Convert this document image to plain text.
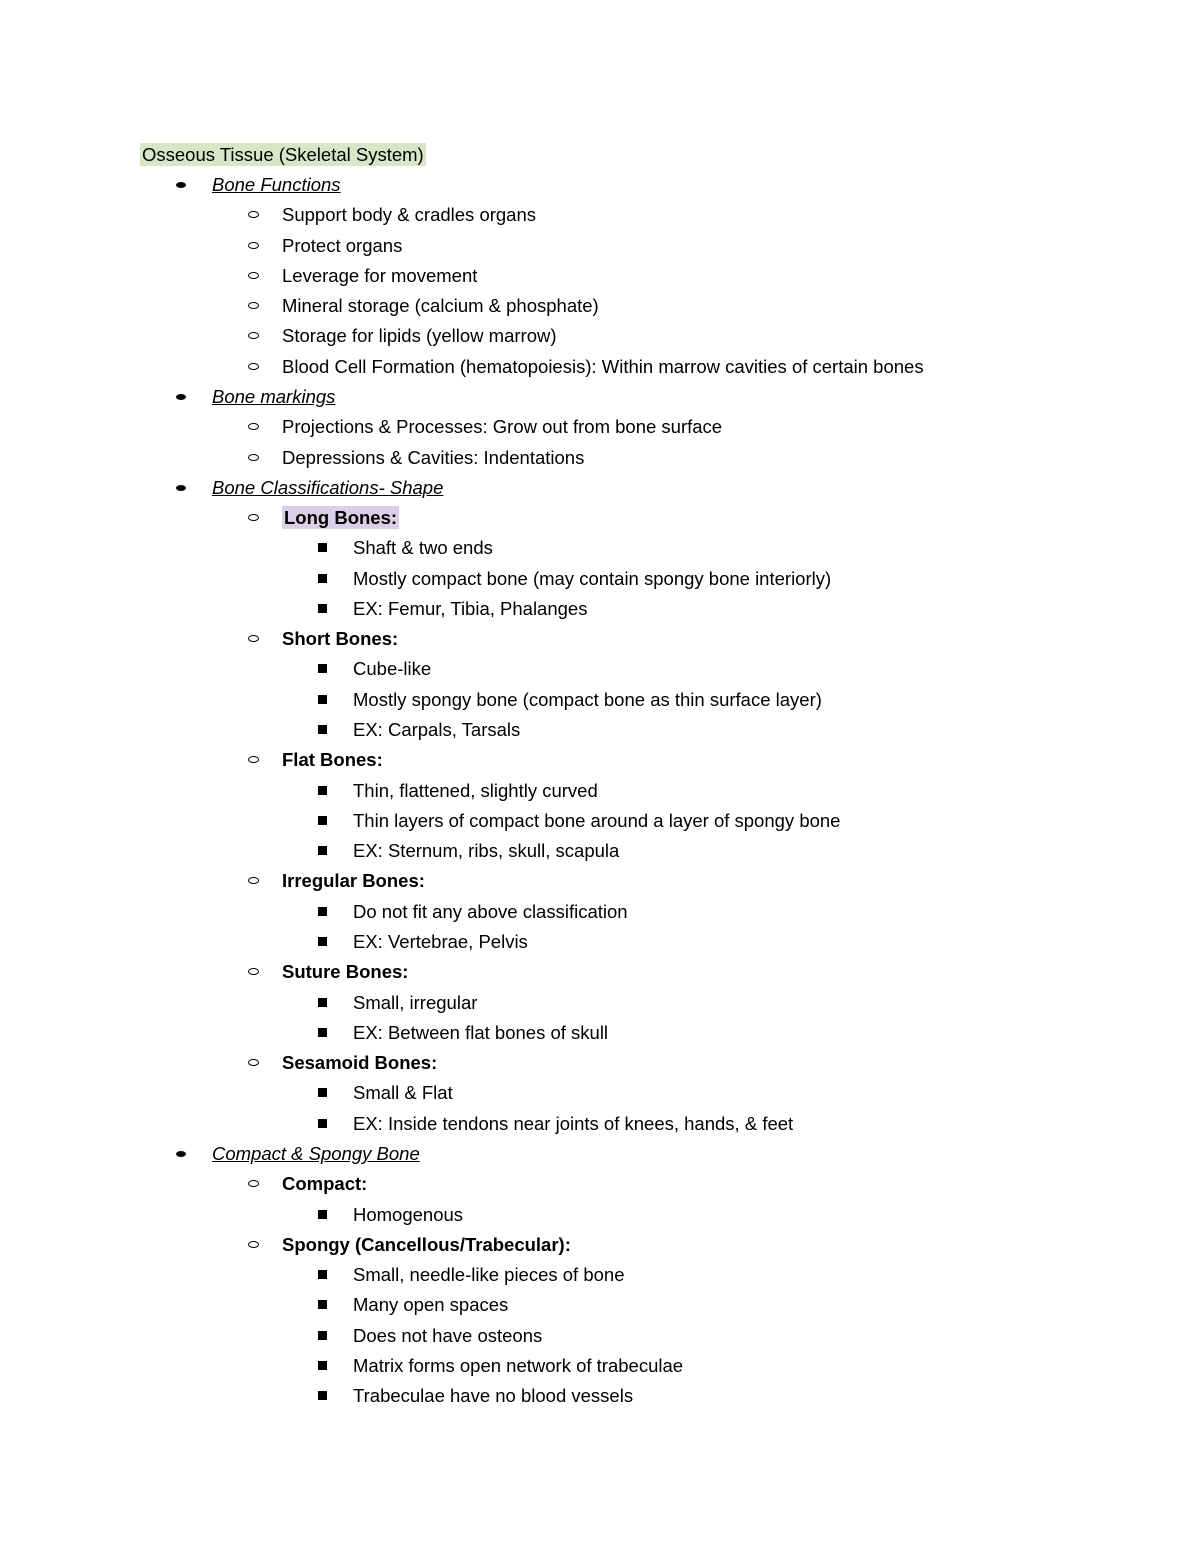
Osseous Tissue (Skeletal System)
Bone Functions
Support body & cradles organs
Protect organs
Leverage for movement
Mineral storage (calcium & phosphate)
Storage for lipids (yellow marrow)
Blood Cell Formation (hematopoiesis): Within marrow cavities of certain bones
Bone markings
Projections & Processes: Grow out from bone surface
Depressions & Cavities: Indentations
Bone Classifications- Shape
Long Bones:
Shaft & two ends
Mostly compact bone (may contain spongy bone interiorly)
EX: Femur, Tibia, Phalanges
Short Bones:
Cube-like
Mostly spongy bone (compact bone as thin surface layer)
EX: Carpals, Tarsals
Flat Bones:
Thin, flattened, slightly curved
Thin layers of compact bone around a layer of spongy bone
EX: Sternum, ribs, skull, scapula
Irregular Bones:
Do not fit any above classification
EX: Vertebrae, Pelvis
Suture Bones:
Small, irregular
EX: Between flat bones of skull
Sesamoid Bones:
Small & Flat
EX: Inside tendons near joints of knees, hands, & feet
Compact & Spongy Bone
Compact:
Homogenous
Spongy (Cancellous/Trabecular):
Small, needle-like pieces of bone
Many open spaces
Does not have osteons
Matrix forms open network of trabeculae
Trabeculae have no blood vessels
